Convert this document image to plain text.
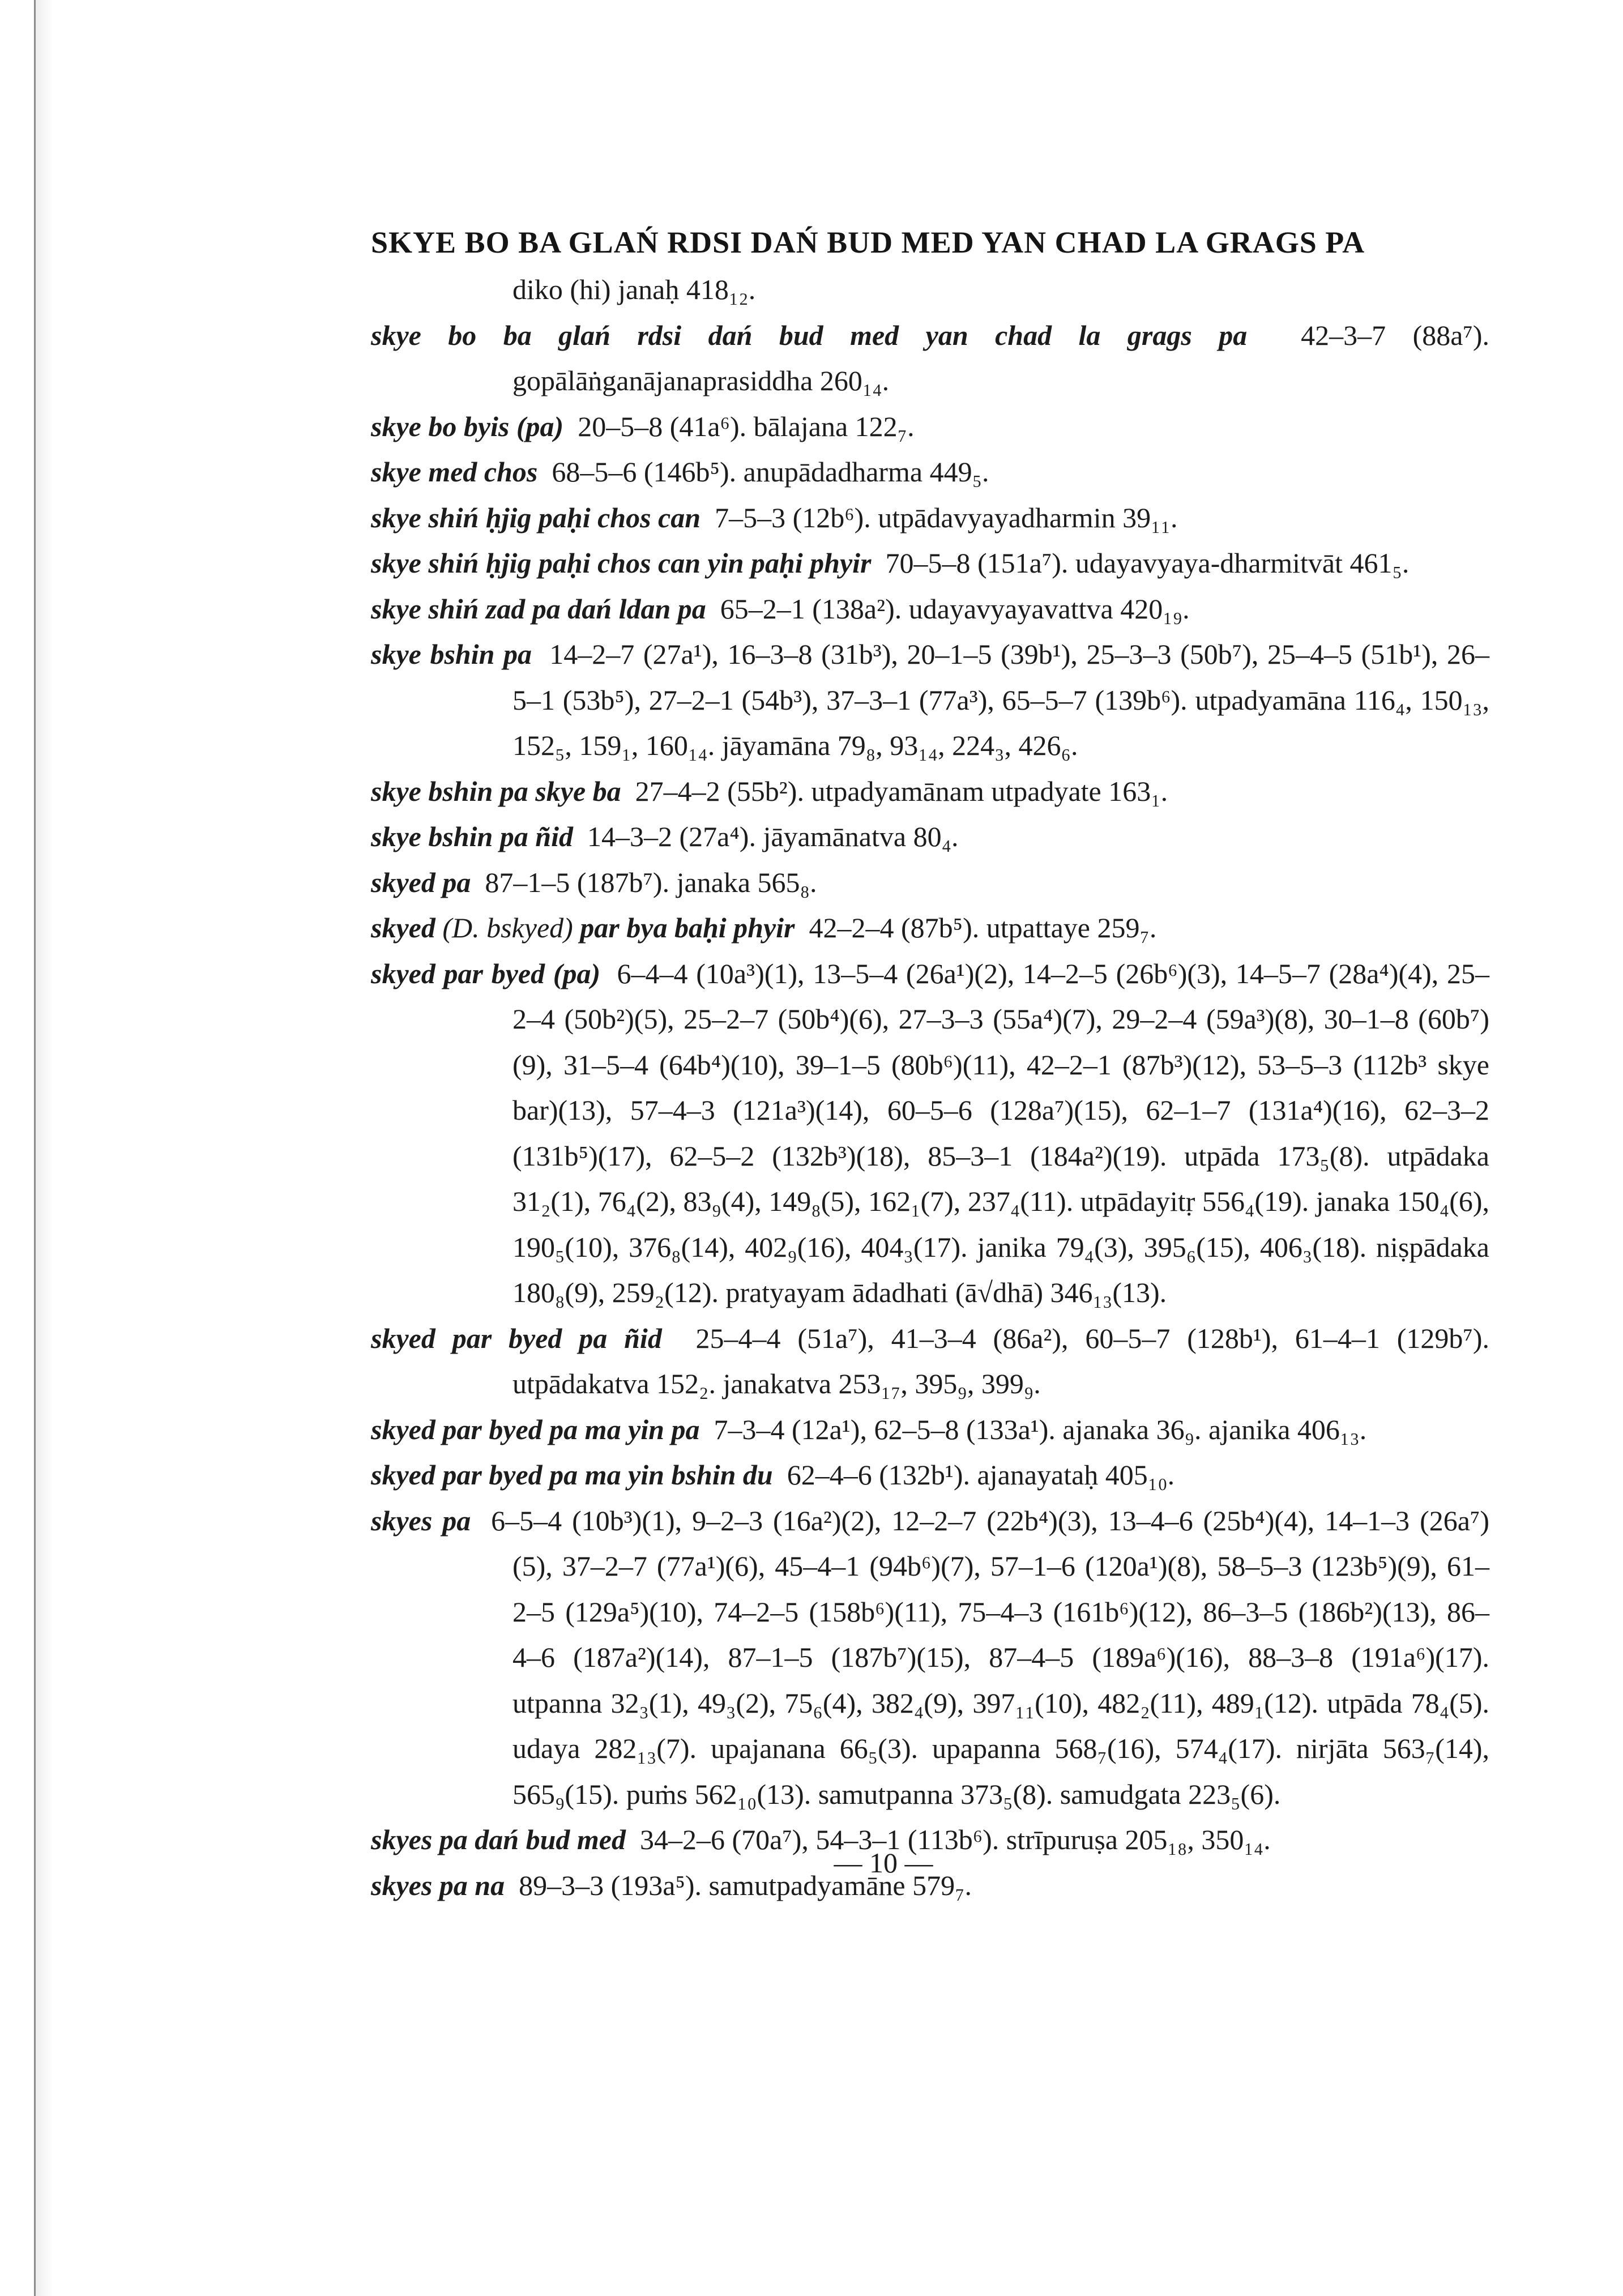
SKYE BO BA GLAŃ RDSI DAŃ BUD MED YAN CHAD LA GRAGS PA

diko (hi) janaḥ 418₁₂.

skye bo ba glań rdsi dań bud med yan chad la grags pa 42–3–7 (88a⁷). gopālāṅganājanaprasiddha 260₁₄.

skye bo byis (pa) 20–5–8 (41a⁶). bālajana 122₇.

skye med chos 68–5–6 (146b⁵). anupādadharma 449₅.

skye shiń ḥjig paḥi chos can 7–5–3 (12b⁶). utpādavyayadharmin 39₁₁.

skye shiń ḥjig paḥi chos can yin paḥi phyir 70–5–8 (151a⁷). udayavyaya-dharmitvāt 461₅.

skye shiń zad pa dań ldan pa 65–2–1 (138a²). udayavyayavattva 420₁₉.

skye bshin pa 14–2–7 (27a¹), 16–3–8 (31b³), 20–1–5 (39b¹), 25–3–3 (50b⁷), 25–4–5 (51b¹), 26–5–1 (53b⁵), 27–2–1 (54b³), 37–3–1 (77a³), 65–5–7 (139b⁶). utpadyamāna 116₄, 150₁₃, 152₅, 159₁, 160₁₄. jāyamāna 79₈, 93₁₄, 224₃, 426₆.

skye bshin pa skye ba 27–4–2 (55b²). utpadyamānam utpadyate 163₁.

skye bshin pa ñid 14–3–2 (27a⁴). jāyamānatva 80₄.

skyed pa 87–1–5 (187b⁷). janaka 565₈.

skyed (D. bskyed) par bya baḥi phyir 42–2–4 (87b⁵). utpattaye 259₇.

skyed par byed (pa) 6–4–4 (10a³)(1), 13–5–4 (26a¹)(2), 14–2–5 (26b⁶)(3), 14–5–7 (28a⁴)(4), 25–2–4 (50b²)(5), 25–2–7 (50b⁴)(6), 27–3–3 (55a⁴)(7), 29–2–4 (59a³)(8), 30–1–8 (60b⁷)(9), 31–5–4 (64b⁴)(10), 39–1–5 (80b⁶)(11), 42–2–1 (87b³)(12), 53–5–3 (112b³ skye bar)(13), 57–4–3 (121a³)(14), 60–5–6 (128a⁷)(15), 62–1–7 (131a⁴)(16), 62–3–2 (131b⁵)(17), 62–5–2 (132b³)(18), 85–3–1 (184a²)(19). utpāda 173₅(8). utpādaka 31₂(1), 76₄(2), 83₉(4), 149₈(5), 162₁(7), 237₄(11). utpādayitṛ 556₄(19). janaka 150₄(6), 190₅(10), 376₈(14), 402₉(16), 404₃(17). janika 79₄(3), 395₆(15), 406₃(18). niṣpādaka 180₈(9), 259₂(12). pratyayam ādadhati (ā√dhā) 346₁₃(13).

skyed par byed pa ñid 25–4–4 (51a⁷), 41–3–4 (86a²), 60–5–7 (128b¹), 61–4–1 (129b⁷). utpādakatva 152₂. janakatva 253₁₇, 395₉, 399₉.

skyed par byed pa ma yin pa 7–3–4 (12a¹), 62–5–8 (133a¹). ajanaka 36₉. ajanika 406₁₃.

skyed par byed pa ma yin bshin du 62–4–6 (132b¹). ajanayataḥ 405₁₀.

skyes pa 6–5–4 (10b³)(1), 9–2–3 (16a²)(2), 12–2–7 (22b⁴)(3), 13–4–6 (25b⁴)(4), 14–1–3 (26a⁷)(5), 37–2–7 (77a¹)(6), 45–4–1 (94b⁶)(7), 57–1–6 (120a¹)(8), 58–5–3 (123b⁵)(9), 61–2–5 (129a⁵)(10), 74–2–5 (158b⁶)(11), 75–4–3 (161b⁶)(12), 86–3–5 (186b²)(13), 86–4–6 (187a²)(14), 87–1–5 (187b⁷)(15), 87–4–5 (189a⁶)(16), 88–3–8 (191a⁶)(17). utpanna 32₃(1), 49₃(2), 75₆(4), 382₄(9), 397₁₁(10), 482₂(11), 489₁(12). utpāda 78₄(5). udaya 282₁₃(7). upajanana 66₅(3). upapanna 568₇(16), 574₄(17). nirjāta 563₇(14), 565₉(15). puṁs 562₁₀(13). samutpanna 373₅(8). samudgata 223₅(6).

skyes pa dań bud med 34–2–6 (70a⁷), 54–3–1 (113b⁶). strīpuruṣa 205₁₈, 350₁₄.

skyes pa na 89–3–3 (193a⁵). samutpadyamāne 579₇.

— 10 —
